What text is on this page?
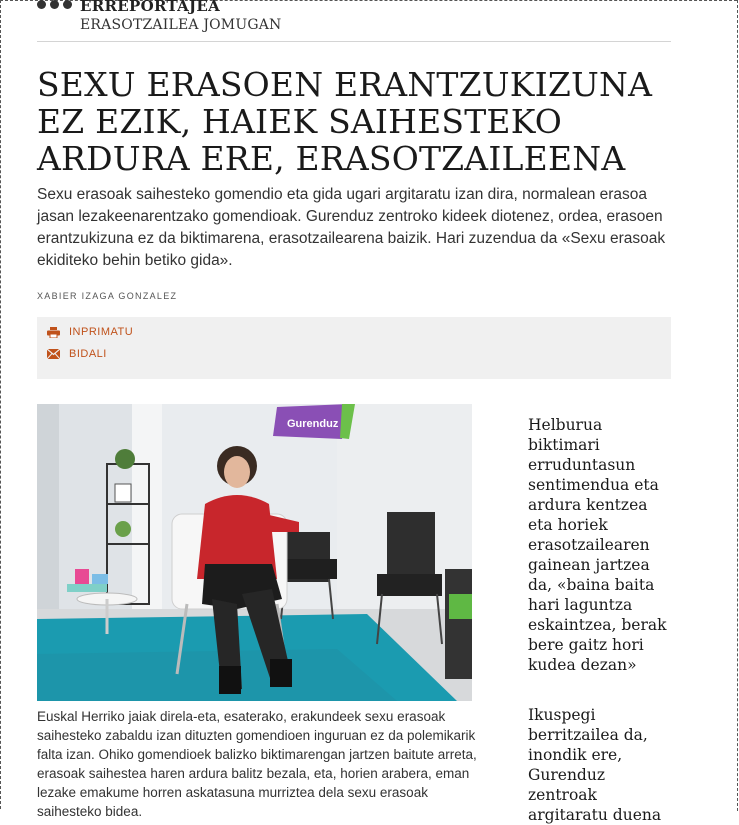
ERREPORTAJEA
ERASOTZAILEA JOMUGAN
SEXU ERASOEN ERANTZUKIZUNA EZ EZIK, HAIEK SAIHESTEKO ARDURA ERE, ERASOTZAILEENA

Sexu erasoak saihesteko gomendio eta gida ugari argitaratu izan dira, normalean erasoa jasan lezakeenarentzako gomendioak. Gurenduz zentroko kideek diotenez, ordea, erasoen erantzukizuna ez da biktimarena, erasotzailearena baizik. Hari zuzendua da «Sexu erasoak ekiditeko behin betiko gida».

XABIER IZAGA GONZALEZ
INPRIMATU
BIDALI
Gurenduz

Euskal Herriko jaiak direla-eta, esaterako, erakundeek sexu erasoak saihesteko zabaldu izan dituzten gomendioen inguruan ez da polemikarik falta izan. Ohiko gomendioek balizko biktimarengan jartzen baitute arreta, erasoak saihestea haren ardura balitz bezala, eta, horien arabera, eman lezake emakume horren askatasuna murriztea dela sexu erasoak saihesteko bidea.

Helburua biktimari erruduntasun sentimendua eta ardura kentzea eta horiek erasotzailearen gainean jartzea da, «baina baita hari laguntza eskaintzea, berak bere gaitz hori kudea dezan»

Ikuspegi berritzailea da, inondik ere, Gurenduz zentroak argitaratu duena
